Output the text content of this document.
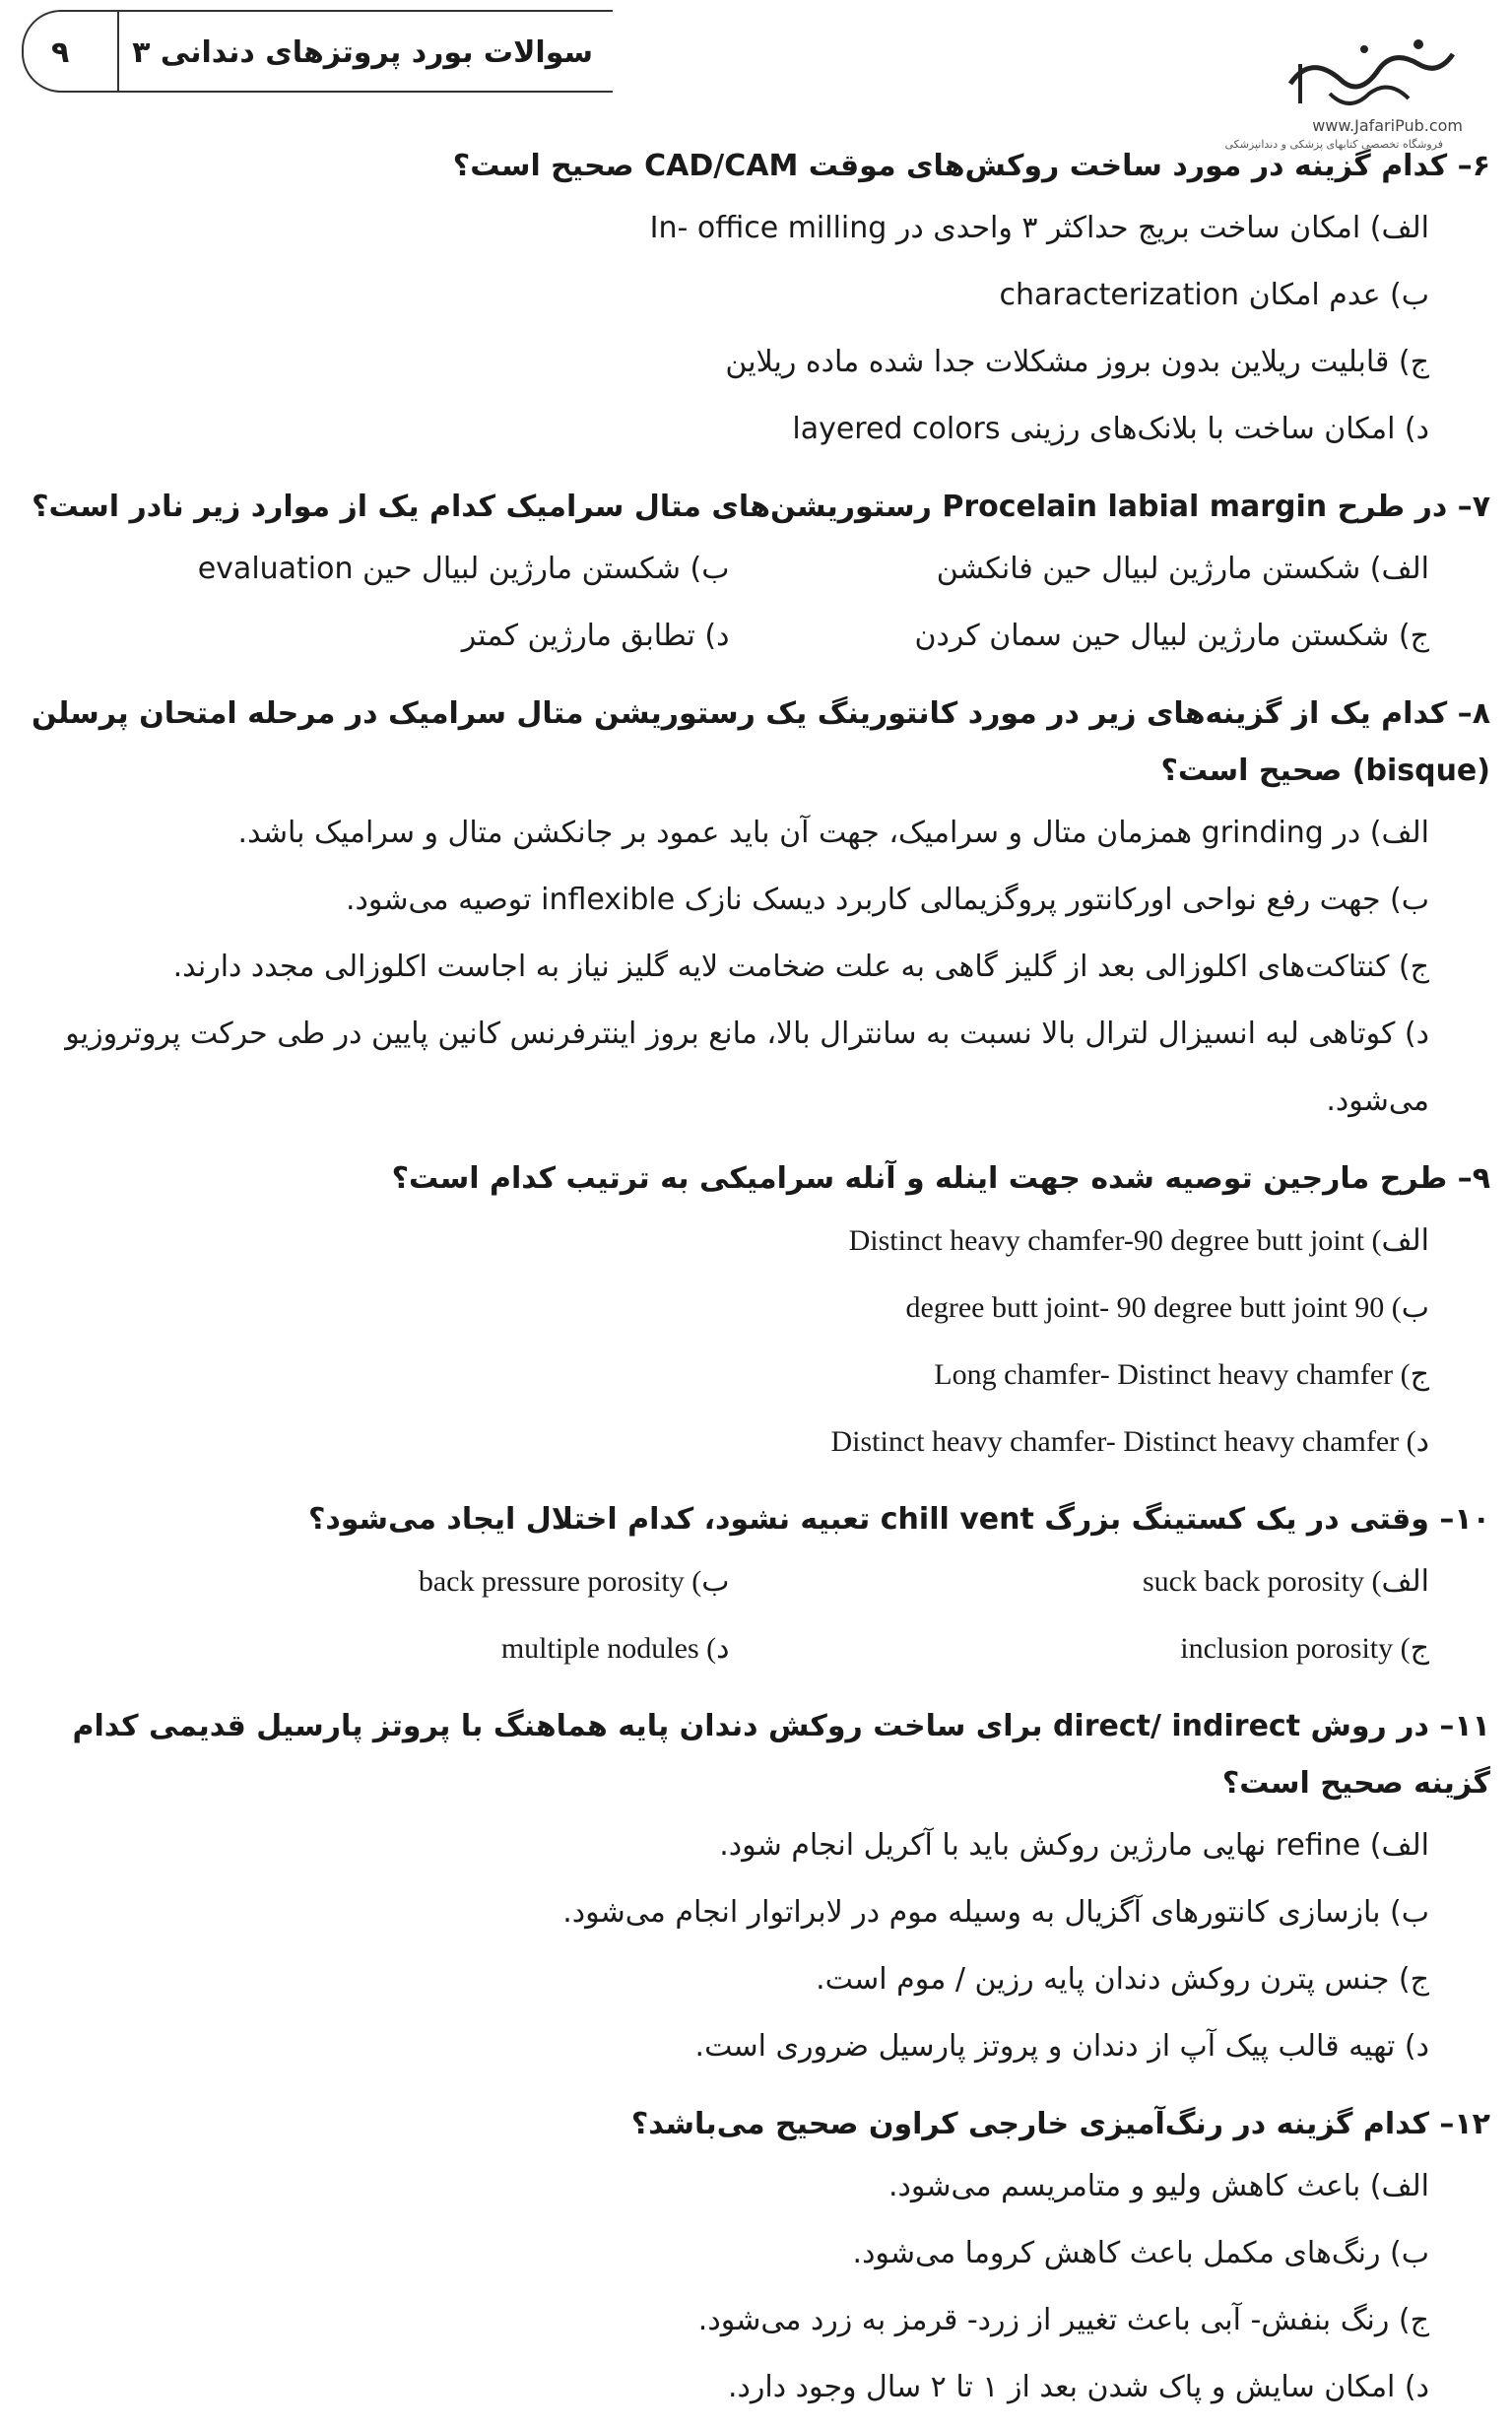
سوالات بورد پروتزهای دندانی ۳
۹
www.JafariPub.com
فروشگاه تخصصی کتابهای پزشکی و دندانپزشکی

۶– کدام گزینه در مورد ساخت روکش‌های موقت CAD/CAM صحیح است؟

الف) امکان ساخت بریج حداکثر ۳ واحدی در In- office milling

ب) عدم امکان characterization

ج) قابلیت ریلاین بدون بروز مشکلات جدا شده ماده ریلاین

د) امکان ساخت با بلانک‌های رزینی layered colors

۷– در طرح Procelain labial margin رستوریشن‌های متال سرامیک کدام یک از موارد زیر نادر است؟

الف) شکستن مارژین لبیال حین فانکشن
ب) شکستن مارژین لبیال حین evaluation
ج) شکستن مارژین لبیال حین سمان کردن
د) تطابق مارژین کمتر

۸– کدام یک از گزینه‌های زیر در مورد کانتورینگ یک رستوریشن متال سرامیک در مرحله امتحان پرسلن (bisque) صحیح است؟

الف) در grinding همزمان متال و سرامیک، جهت آن باید عمود بر جانکشن متال و سرامیک باشد.

ب) جهت رفع نواحی اورکانتور پروگزیمالی کاربرد دیسک نازک inflexible توصیه می‌شود.

ج) کنتاکت‌های اکلوزالی بعد از گلیز گاهی به علت ضخامت لایه گلیز نیاز به اجاست اکلوزالی مجدد دارند.

د) کوتاهی لبه انسیزال لترال بالا نسبت به سانترال بالا، مانع بروز اینترفرنس کانین پایین در طی حرکت پروتروزیو می‌شود.

۹– طرح مارجین توصیه شده جهت اینله و آنله سرامیکی به ترتیب کدام است؟

الف) Distinct heavy chamfer-90 degree butt joint

ب) 90 degree butt joint- 90 degree butt joint

ج) Long chamfer- Distinct heavy chamfer

د) Distinct heavy chamfer- Distinct heavy chamfer

۱۰– وقتی در یک کستینگ بزرگ chill vent تعبیه نشود، کدام اختلال ایجاد می‌شود؟

الف) suck back porosity
ب) back pressure porosity
ج) inclusion porosity
د) multiple nodules

۱۱– در روش direct/ indirect برای ساخت روکش دندان پایه هماهنگ با پروتز پارسیل قدیمی کدام گزینه صحیح است؟

الف) refine نهایی مارژین روکش باید با آکریل انجام شود.

ب) بازسازی کانتورهای آگزیال به وسیله موم در لابراتوار انجام می‌شود.

ج) جنس پترن روکش دندان پایه رزین / موم است.

د) تهیه قالب پیک آپ از دندان و پروتز پارسیل ضروری است.

۱۲– کدام گزینه در رنگ‌آمیزی خارجی کراون صحیح می‌باشد؟

الف) باعث کاهش ولیو و متامریسم می‌شود.

ب) رنگ‌های مکمل باعث کاهش کروما می‌شود.

ج) رنگ بنفش- آبی باعث تغییر از زرد- قرمز به زرد می‌شود.

د) امکان سایش و پاک شدن بعد از ۱ تا ۲ سال وجود دارد.
